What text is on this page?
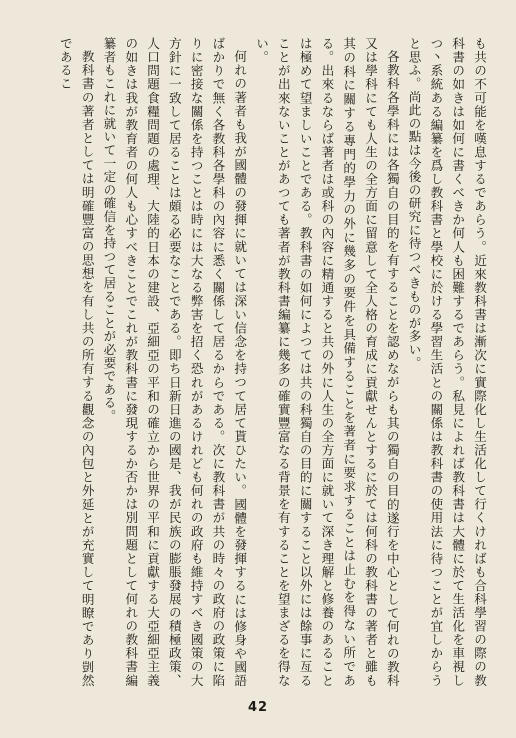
も共の不可能を嘆息するであらう。近來教科書は漸次に實際化し生活化して行くければも合科學習の際の教科書の如きは如何に書くべきか何人も困難するであらう。私見によれば教科書は大體に於て生活化を車視しつ丶系統ある編纂を爲し教科書と學校に於ける學習生活との關係は教科書の使用法に待つことが宜しからうと思ふ。尚此の點は今後の研究に待つべきものが多い。

各教科各學科には各獨自の目的を有することを認めながらも其の獨自の目的遂行を中心として何れの教科又は學科にても人生の全方面に留意して全人格の育成に貢獻せんとするに於ては何科の教科書の著者と雖も其の科に關する專門的學力の外に幾多の要件を具備することを著者に要求することは止むを得ない所である。出來るならば著者は或科の內容に精通すると共の外に人生の全方面に就いて深き理解と修養のあることは極めて望ましいことである。教科書の如何によつては共の科獨自の目的に關すること以外には餘事に亙ることが出來ないことがあつても著者が教科書編纂に幾多の確實豐富なる背景を有することを望まざるを得ない。

何れの著者も我が國體の發揮に就いては深い信念を持つて居て貰ひたい。國體を發揮するには修身や國語ばかりで無く各教科各學科の內容に悉く關係して居るからである。次に教科書が共の時々の政府の政策に陷りに密接な關係を持つことは時には大なる弊害を招く恐れがあるけれども何れの政府も維持すべき國策の大方針に一致して居ることは頗る必要なことである。即ち日新日進の國是、我が民族の膨脹發展の積極政策、人口問題食糧問題の處理、大陸的日本の建設、亞細亞の平和の確立から世界の平和に貢獻する大亞細亞主義の如きは我が教育者の何人も心すべきことでこれが教科書に發現するか否かは別問題として何れの教科書編纂者もこれに就いて一定の確信を持つて居ることが必要である。

教科書の著者としては明確豐富の思想を有し共の所有する觀念の內包と外延とが充實して明瞭であり剴然であるこ

42
